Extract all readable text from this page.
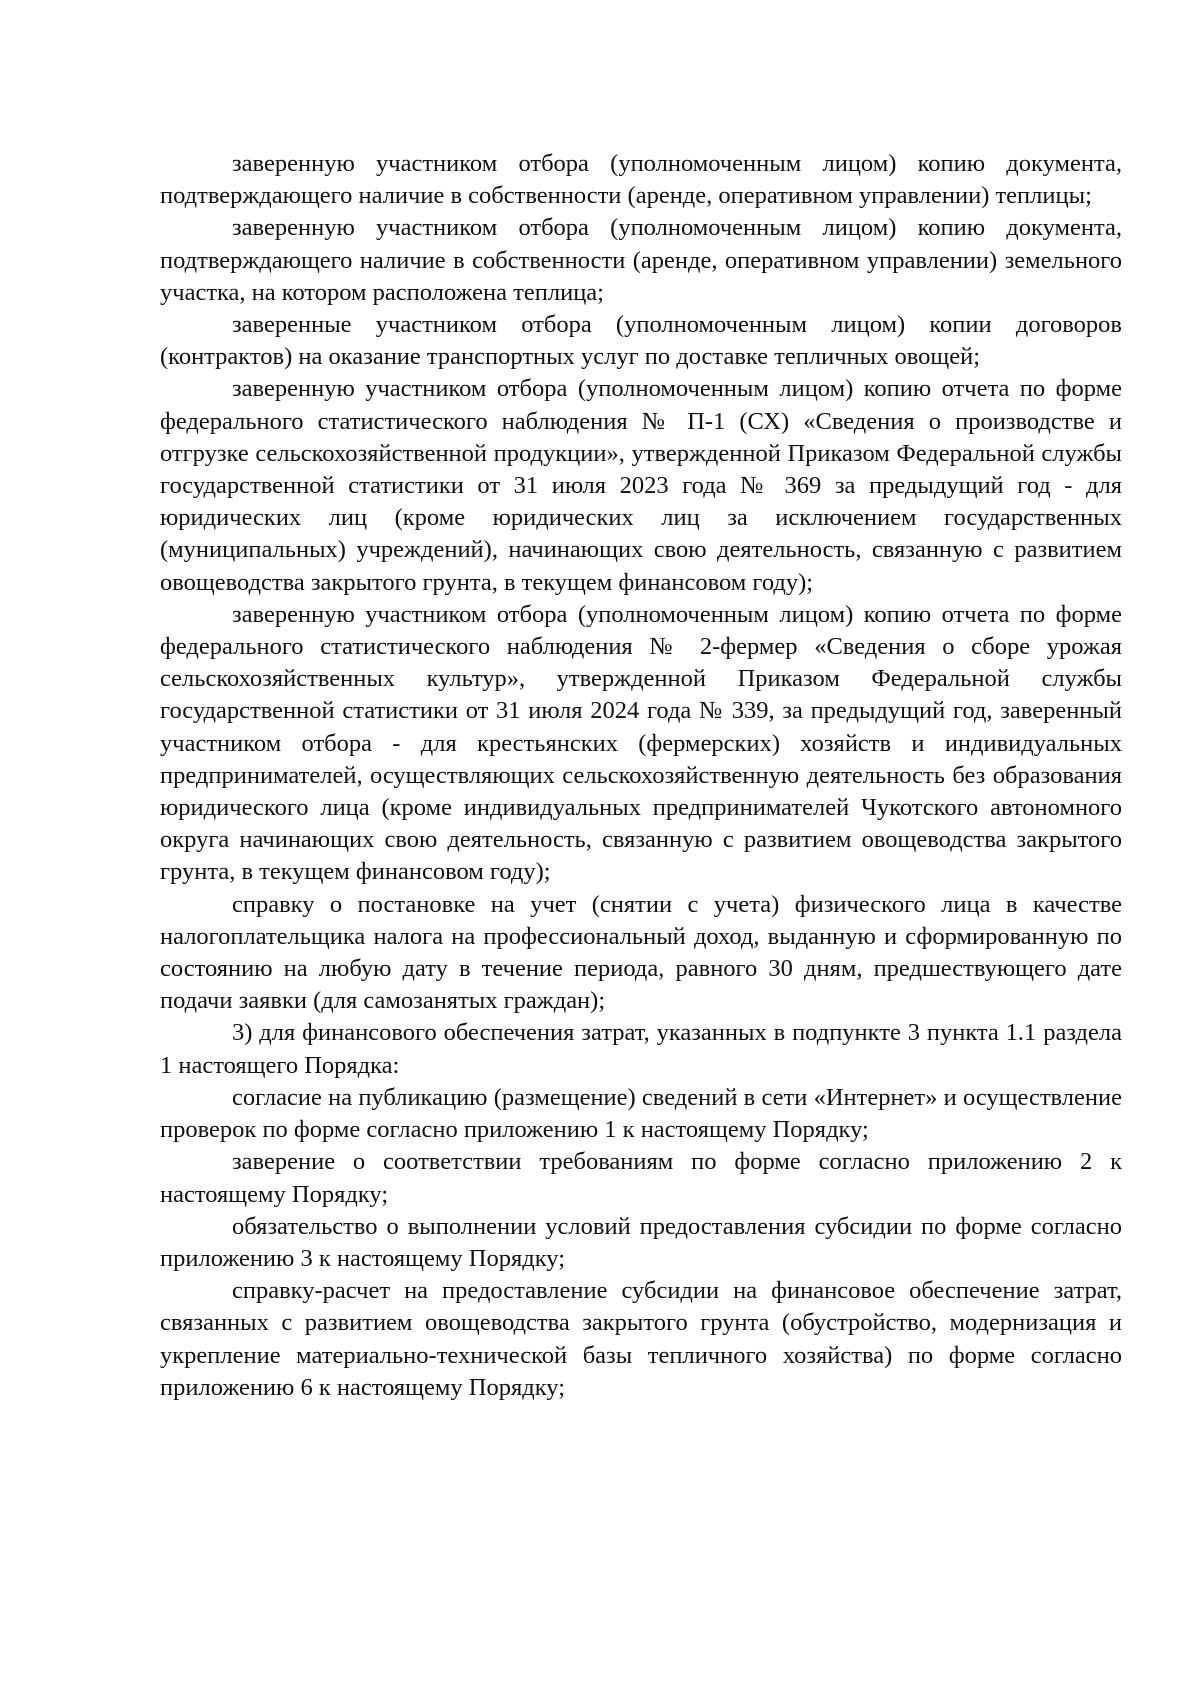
заверенную участником отбора (уполномоченным лицом) копию документа, подтверждающего наличие в собственности (аренде, оперативном управлении) теплицы;

заверенную участником отбора (уполномоченным лицом) копию документа, подтверждающего наличие в собственности (аренде, оперативном управлении) земельного участка, на котором расположена теплица;

заверенные участником отбора (уполномоченным лицом) копии договоров (контрактов) на оказание транспортных услуг по доставке тепличных овощей;

заверенную участником отбора (уполномоченным лицом) копию отчета по форме федерального статистического наблюдения № П-1 (СХ) «Сведения о производстве и отгрузке сельскохозяйственной продукции», утвержденной Приказом Федеральной службы государственной статистики от 31 июля 2023 года № 369 за предыдущий год - для юридических лиц (кроме юридических лиц за исключением государственных (муниципальных) учреждений), начинающих свою деятельность, связанную с развитием овощеводства закрытого грунта, в текущем финансовом году);

заверенную участником отбора (уполномоченным лицом) копию отчета по форме федерального статистического наблюдения № 2-фермер «Сведения о сборе урожая сельскохозяйственных культур», утвержденной Приказом Федеральной службы государственной статистики от 31 июля 2024 года № 339, за предыдущий год, заверенный участником отбора - для крестьянских (фермерских) хозяйств и индивидуальных предпринимателей, осуществляющих сельскохозяйственную деятельность без образования юридического лица (кроме индивидуальных предпринимателей Чукотского автономного округа начинающих свою деятельность, связанную с развитием овощеводства закрытого грунта, в текущем финансовом году);

справку о постановке на учет (снятии с учета) физического лица в качестве налогоплательщика налога на профессиональный доход, выданную и сформированную по состоянию на любую дату в течение периода, равного 30 дням, предшествующего дате подачи заявки (для самозанятых граждан);

3) для финансового обеспечения затрат, указанных в подпункте 3 пункта 1.1 раздела 1 настоящего Порядка:

согласие на публикацию (размещение) сведений в сети «Интернет» и осуществление проверок по форме согласно приложению 1 к настоящему Порядку;

заверение о соответствии требованиям по форме согласно приложению 2 к настоящему Порядку;

обязательство о выполнении условий предоставления субсидии по форме согласно приложению 3 к настоящему Порядку;

справку-расчет на предоставление субсидии на финансовое обеспечение затрат, связанных с развитием овощеводства закрытого грунта (обустройство, модернизация и укрепление материально-технической базы тепличного хозяйства) по форме согласно приложению 6 к настоящему Порядку;
